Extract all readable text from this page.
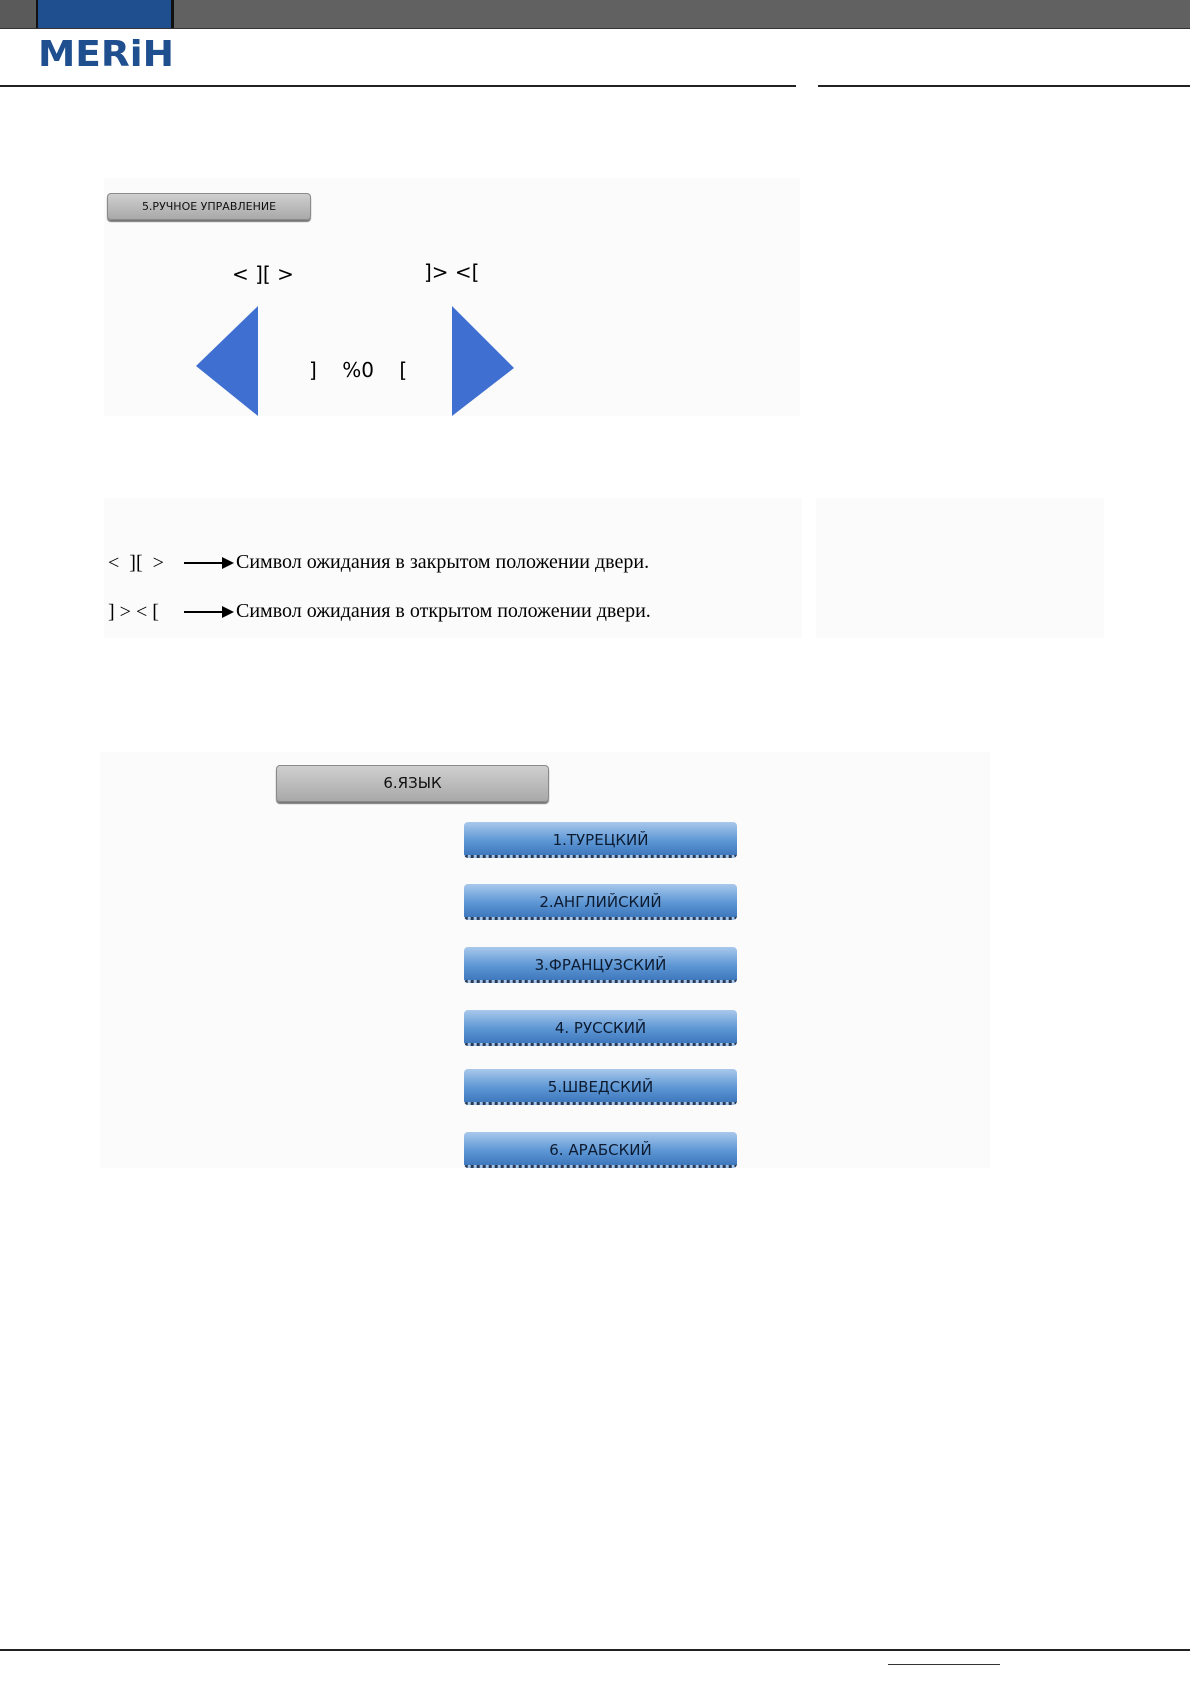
MERiH
5.РУЧНОЕ УПРАВЛЕНИЕ
< ][ >	]> <[
]    %0    [

<  ][  >

	Символ ожидания в закрытом положении двери.

] > < [

	Символ ожидания в открытом положении двери.

6.ЯЗЫК
1.ТУРЕЦКИЙ
2.АНГЛИЙСКИЙ
3.ФРАНЦУЗСКИЙ
4. РУССКИЙ
5.ШВЕДСКИЙ
6. АРАБСКИЙ
